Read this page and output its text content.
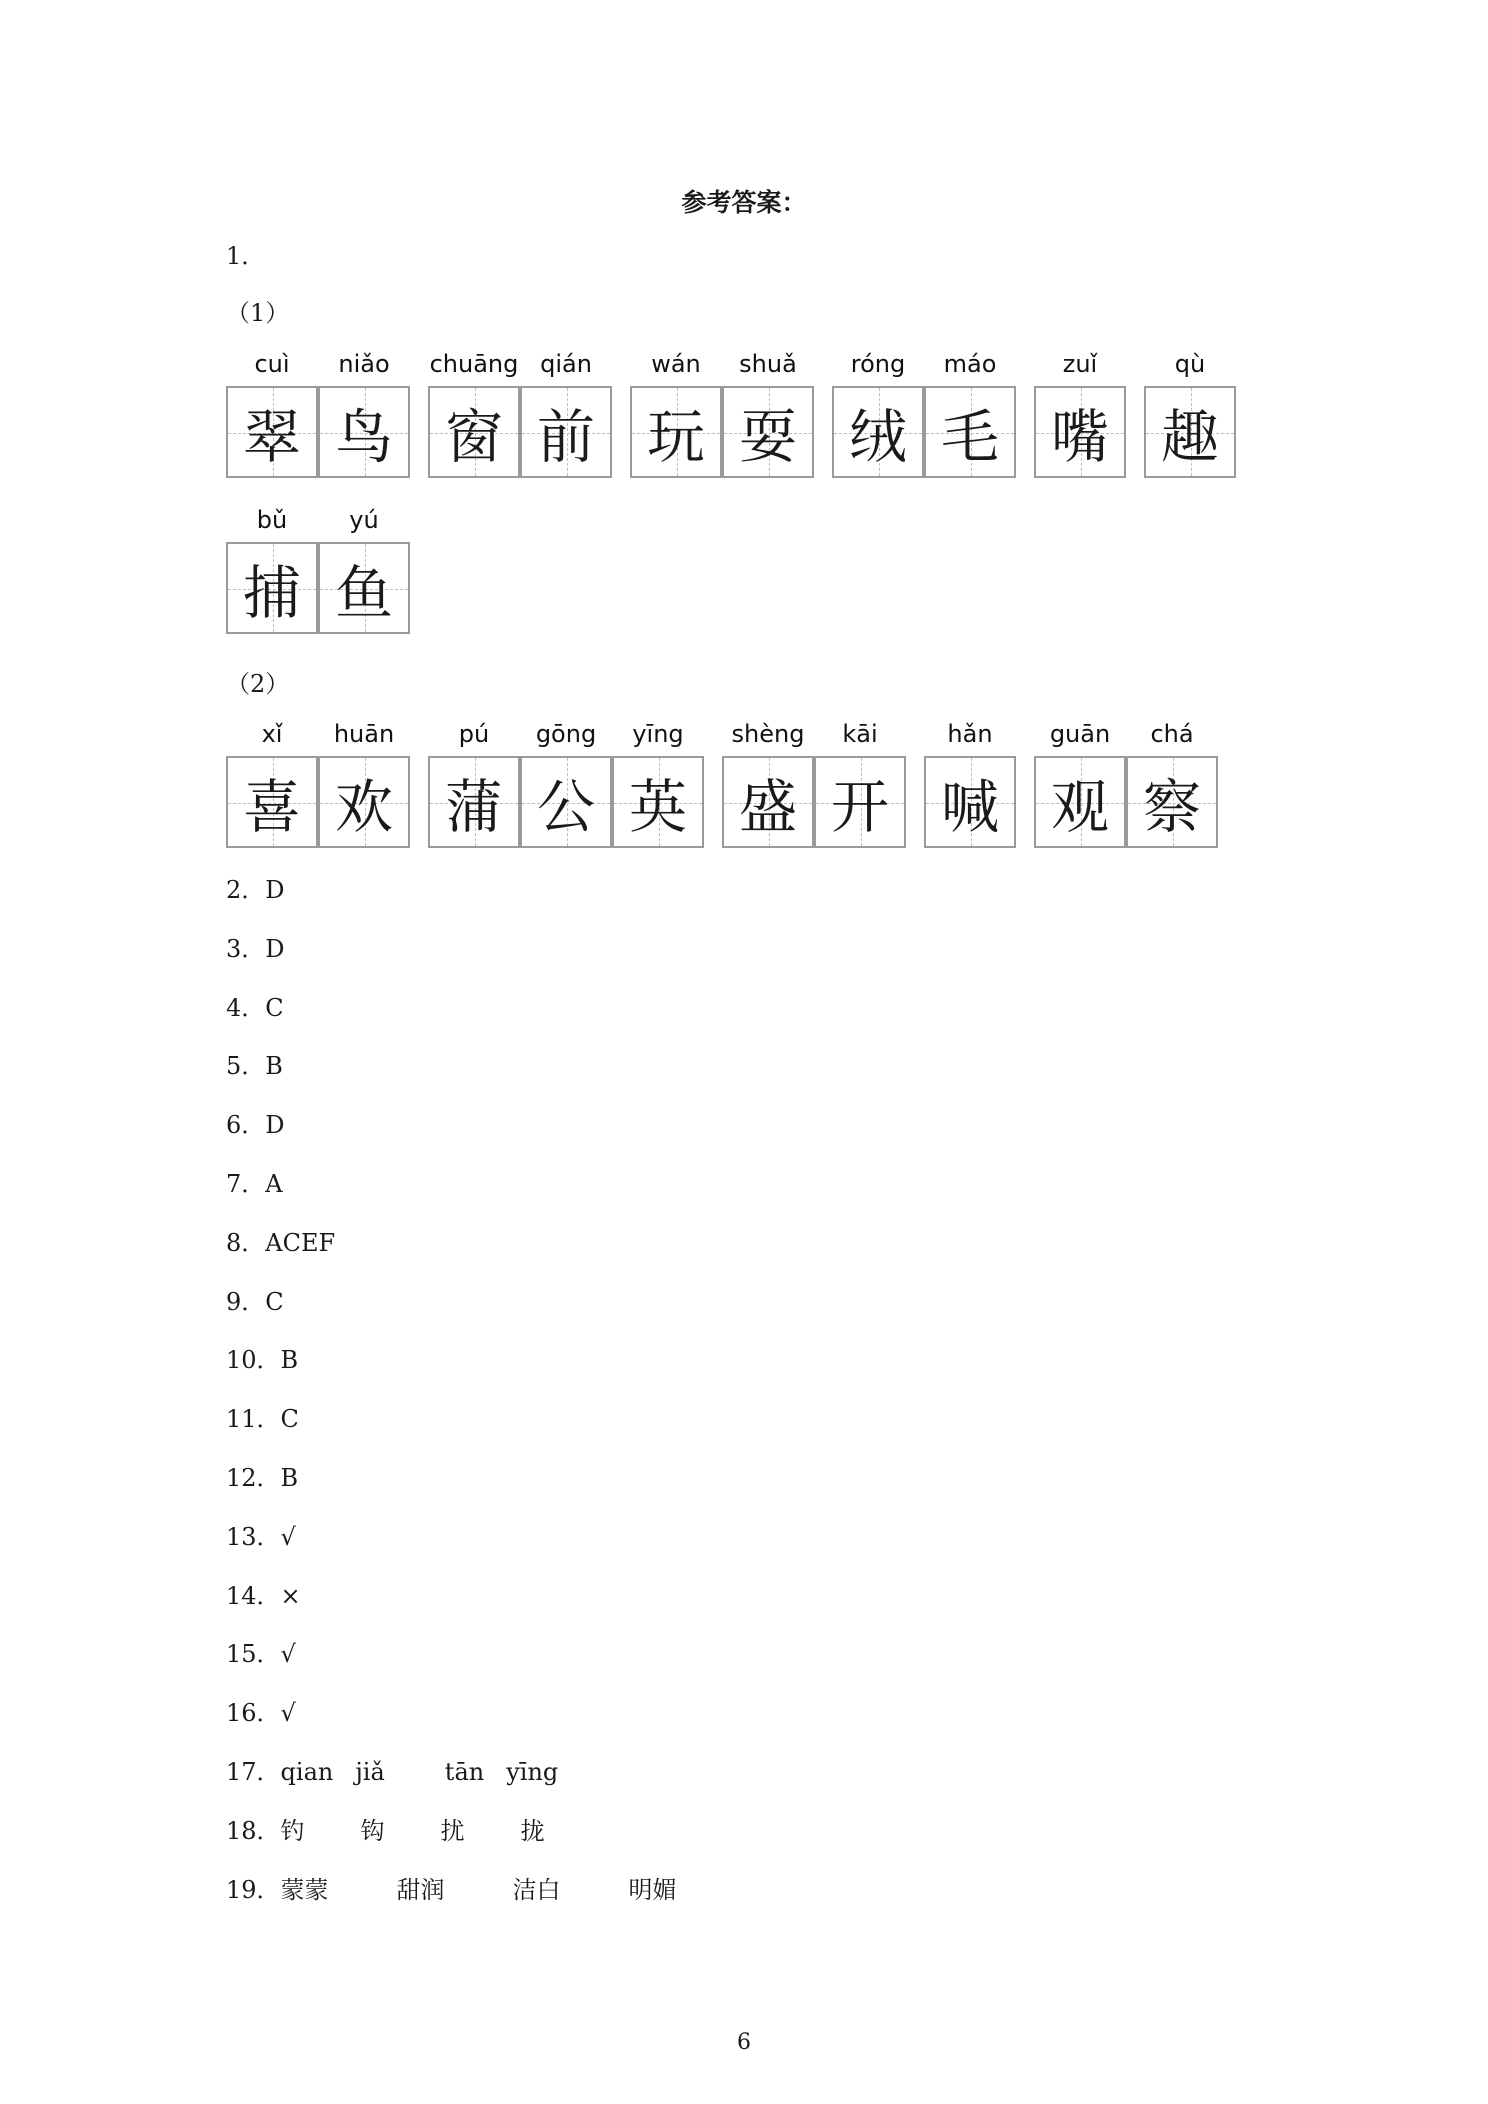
参考答案：
1．
（1）
cuì
翠
niǎo
鸟
chuāng
窗
qián
前
wán
玩
shuǎ
耍
róng
绒
máo
毛
zuǐ
嘴
qù
趣
bǔ
捕
yú
鱼
（2）
xǐ
喜
huān
欢
pú
蒲
gōng
公
yīng
英
shèng
盛
kāi
开
hǎn
喊
guān
观
chá
察
2．D
3．D
4．C
5．B
6．D
7．A
8．ACEF
9．C
10．B
11．C
12．B
13．√
14．×
15．√
16．√
17．qian jiǎ	tān yīng
18．钓 钩 扰 拢
19．蒙蒙	甜润	洁白	明媚
6
